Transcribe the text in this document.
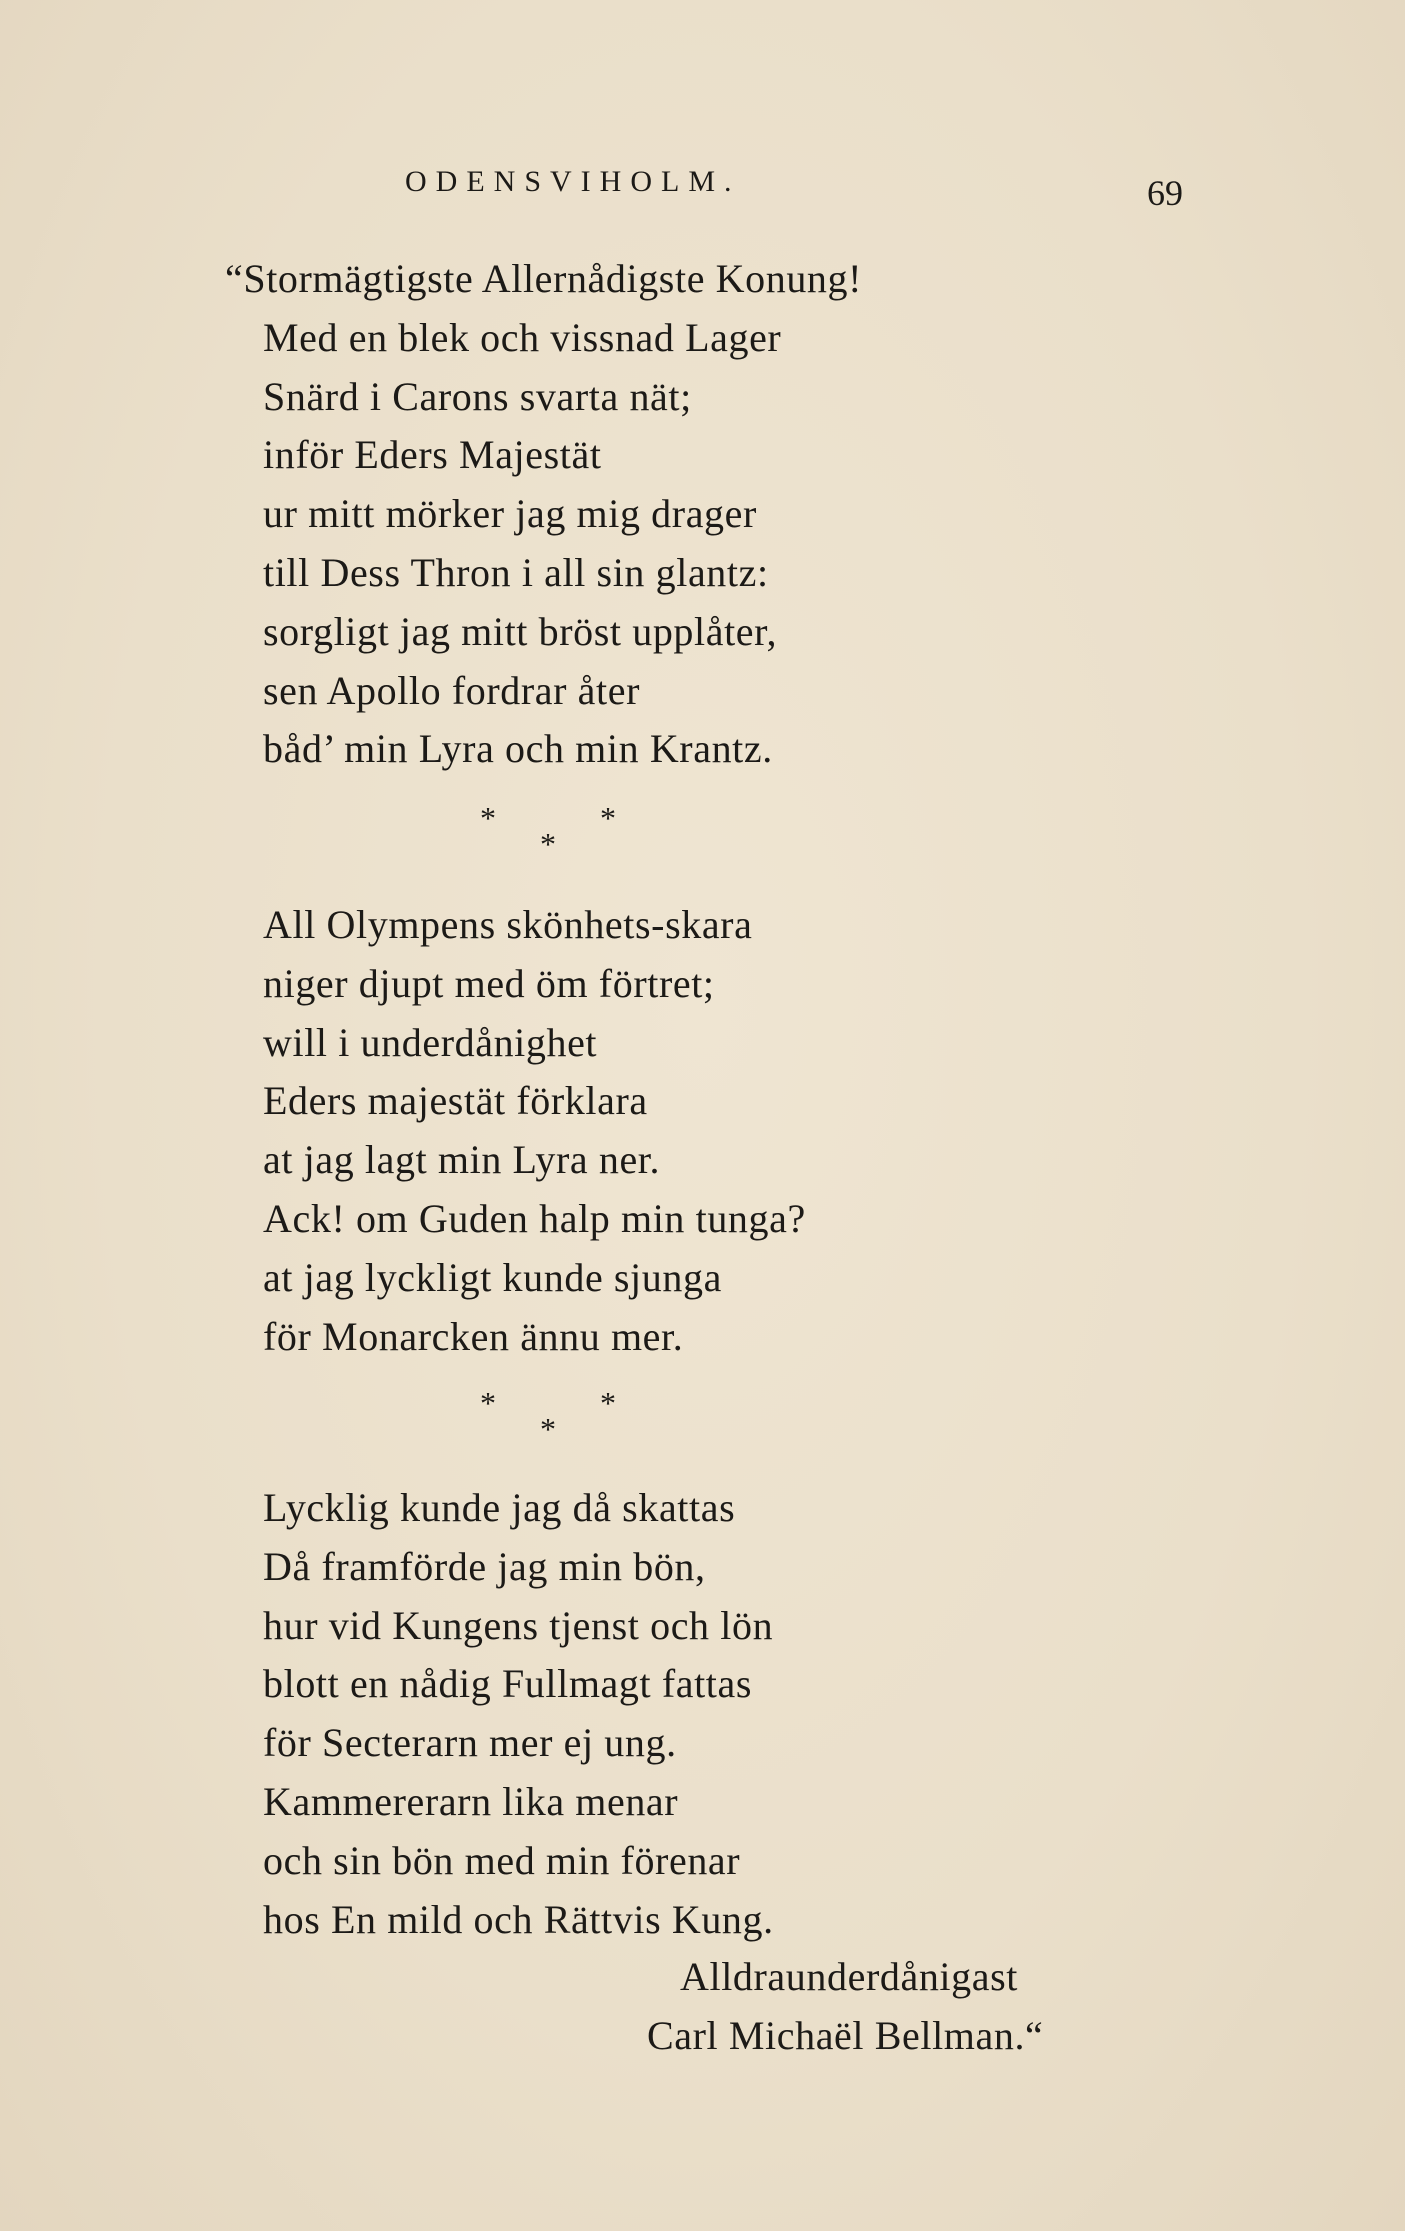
ODENSVIHOLM.	69
“Stormägtigste Allernådigste Konung!
Med en blek och vissnad Lager
Snärd i Carons svarta nät;
inför Eders Majestät
ur mitt mörker jag mig drager
till Dess Thron i all sin glantz:
sorgligt jag mitt bröst upplåter,
sen Apollo fordrar åter
båd’ min Lyra och min Krantz.
*	*
*
All Olympens skönhets-skara
niger djupt med öm förtret;
will i underdånighet
Eders majestät förklara
at jag lagt min Lyra ner.
Ack! om Guden halp min tunga?
at jag lyckligt kunde sjunga
för Monarcken ännu mer.
*	*
*
Lycklig kunde jag då skattas
Då framförde jag min bön,
hur vid Kungens tjenst och lön
blott en nådig Fullmagt fattas
för Secterarn mer ej ung.
Kammererarn lika menar
och sin bön med min förenar
hos En mild och Rättvis Kung.
Alldraunderdånigast
Carl Michaël Bellman.“
